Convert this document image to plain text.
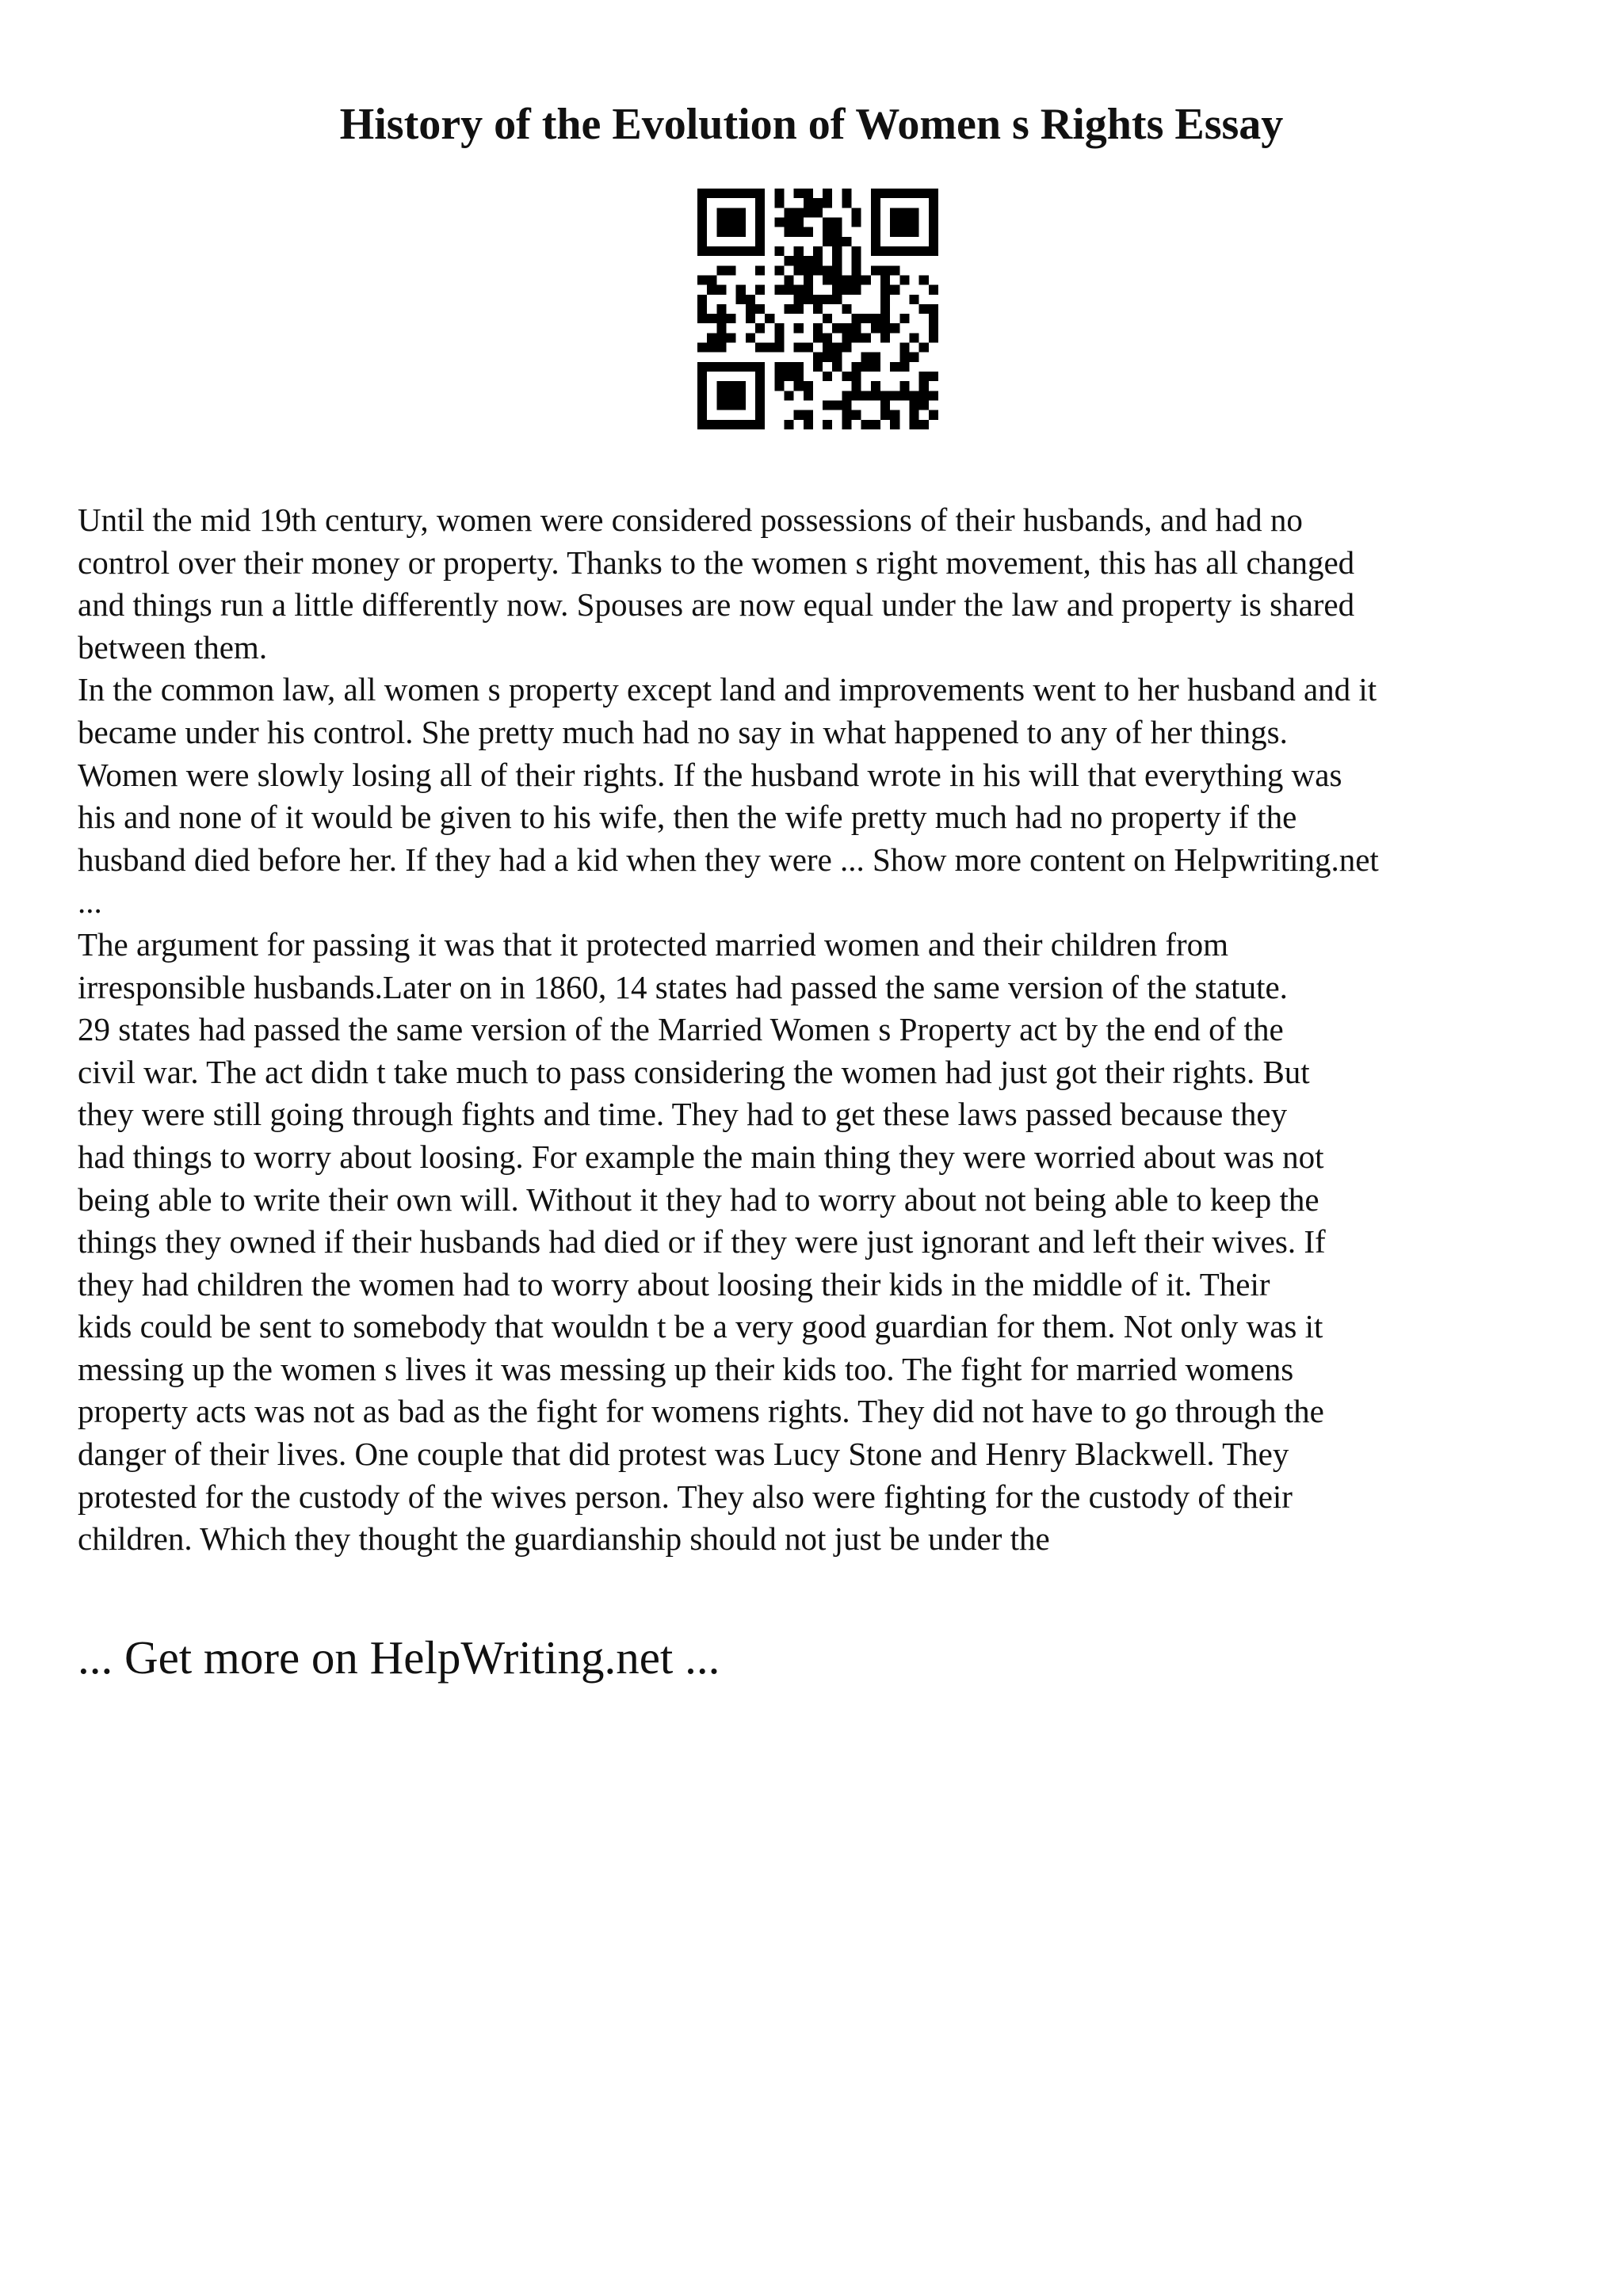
History of the Evolution of Women s Rights Essay
Until the mid 19th century, women were considered possessions of their husbands, and had no
control over their money or property. Thanks to the women s right movement, this has all changed
and things run a little differently now. Spouses are now equal under the law and property is shared
between them.
In the common law, all women s property except land and improvements went to her husband and it
became under his control. She pretty much had no say in what happened to any of her things.
Women were slowly losing all of their rights. If the husband wrote in his will that everything was
his and none of it would be given to his wife, then the wife pretty much had no property if the
husband died before her. If they had a kid when they were ... Show more content on Helpwriting.net
...
The argument for passing it was that it protected married women and their children from
irresponsible husbands.Later on in 1860, 14 states had passed the same version of the statute.
29 states had passed the same version of the Married Women s Property act by the end of the
civil war. The act didn t take much to pass considering the women had just got their rights. But
they were still going through fights and time. They had to get these laws passed because they
had things to worry about loosing. For example the main thing they were worried about was not
being able to write their own will. Without it they had to worry about not being able to keep the
things they owned if their husbands had died or if they were just ignorant and left their wives. If
they had children the women had to worry about loosing their kids in the middle of it. Their
kids could be sent to somebody that wouldn t be a very good guardian for them. Not only was it
messing up the women s lives it was messing up their kids too. The fight for married womens
property acts was not as bad as the fight for womens rights. They did not have to go through the
danger of their lives. One couple that did protest was Lucy Stone and Henry Blackwell. They
protested for the custody of the wives person. They also were fighting for the custody of their
children. Which they thought the guardianship should not just be under the

... Get more on HelpWriting.net ...
